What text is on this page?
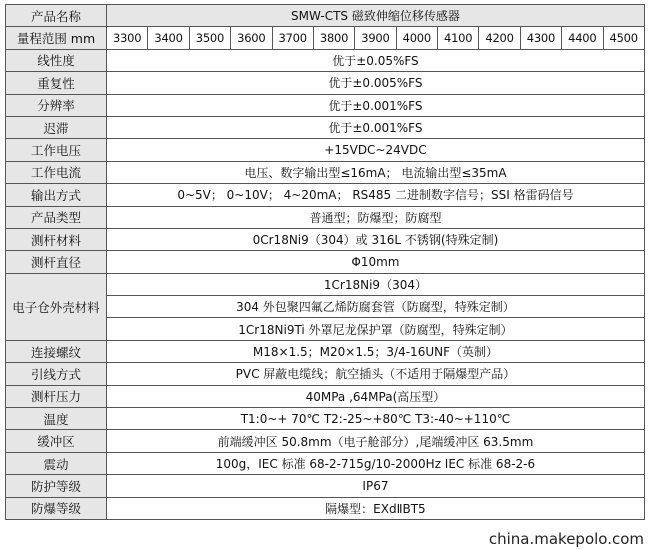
产品名称	SMW-CTS 磁致伸缩位移传感器												
量程范围 mm	3300	3400	3500	3600	3700	3800	3900	4000	4100	4200	4300	4400	4500
线性度	优于±0.05%FS												
重复性	优于±0.005%FS												
分辨率	优于±0.001%FS												
迟滞	优于±0.001%FS												
工作电压	+15VDC~24VDC												
工作电流	电压、数字输出型≤16mA； 电流输出型≤35mA												
输出方式	0~5V； 0~10V； 4~20mA； RS485 二进制数字信号；SSI 格雷码信号												
产品类型	普通型；防爆型；防腐型												
测杆材料	0Cr18Ni9（304）或 316L 不锈钢(特殊定制)												
测杆直径	Φ10mm												
电子仓外壳材料	1Cr18Ni9（304）												
	304 外包聚四氟乙烯防腐套管（防腐型，特殊定制）												
	1Cr18Ni9Ti 外罩尼龙保护罩（防腐型，特殊定制）												
连接螺纹	M18×1.5；M20×1.5；3/4-16UNF（英制）												
引线方式	PVC 屏蔽电缆线；航空插头（不适用于隔爆型产品）												
测杆压力	40MPa ,64MPa(高压型）												
温度	T1:0~+ 70℃ T2:-25~+80℃ T3:-40~+110℃												
缓冲区	前端缓冲区 50.8mm（电子舱部分）,尾端缓冲区 63.5mm												
震动	100g，IEC 标准 68-2-715g/10-2000Hz IEC 标准 68-2-6												
防护等级	IP67												
防爆等级	隔爆型：EXdⅡBT5												
china.makepolo.com
